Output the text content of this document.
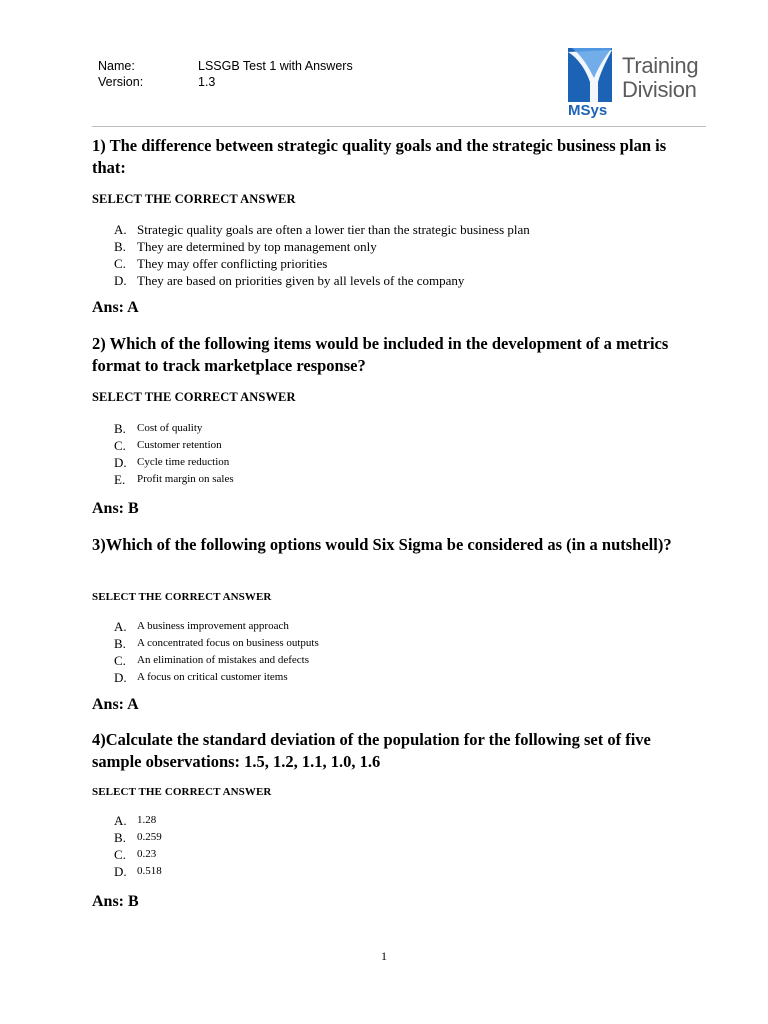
Name:	LSSGB Test 1 with Answers
Version:	1.3
Training
Division
MSys
1) The difference between strategic quality goals and the strategic business plan is that:
SELECT THE CORRECT ANSWER
A. Strategic quality goals are often a lower tier than the strategic business plan
B. They are determined by top management only
C. They may offer conflicting priorities
D. They are based on priorities given by all levels of the company
Ans: A
2) Which of the following items would be included in the development of a metrics format to track marketplace response?
SELECT THE CORRECT ANSWER
B.	Cost of quality
C.	Customer retention
D. Cycle time reduction
E.	Profit margin on sales
Ans: B
3)Which of the following options would Six Sigma be considered as (in a nutshell)?
SELECT THE CORRECT ANSWER
A. A business improvement approach
B.	A concentrated focus on business outputs
C.	An elimination of mistakes and defects
D. A focus on critical customer items
Ans: A
4)Calculate the standard deviation of the population for the following set of five sample observations: 1.5, 1.2, 1.1, 1.0, 1.6
SELECT THE CORRECT ANSWER
A. 1.28
B.	0.259
C.	0.23
D. 0.518
Ans: B
1
